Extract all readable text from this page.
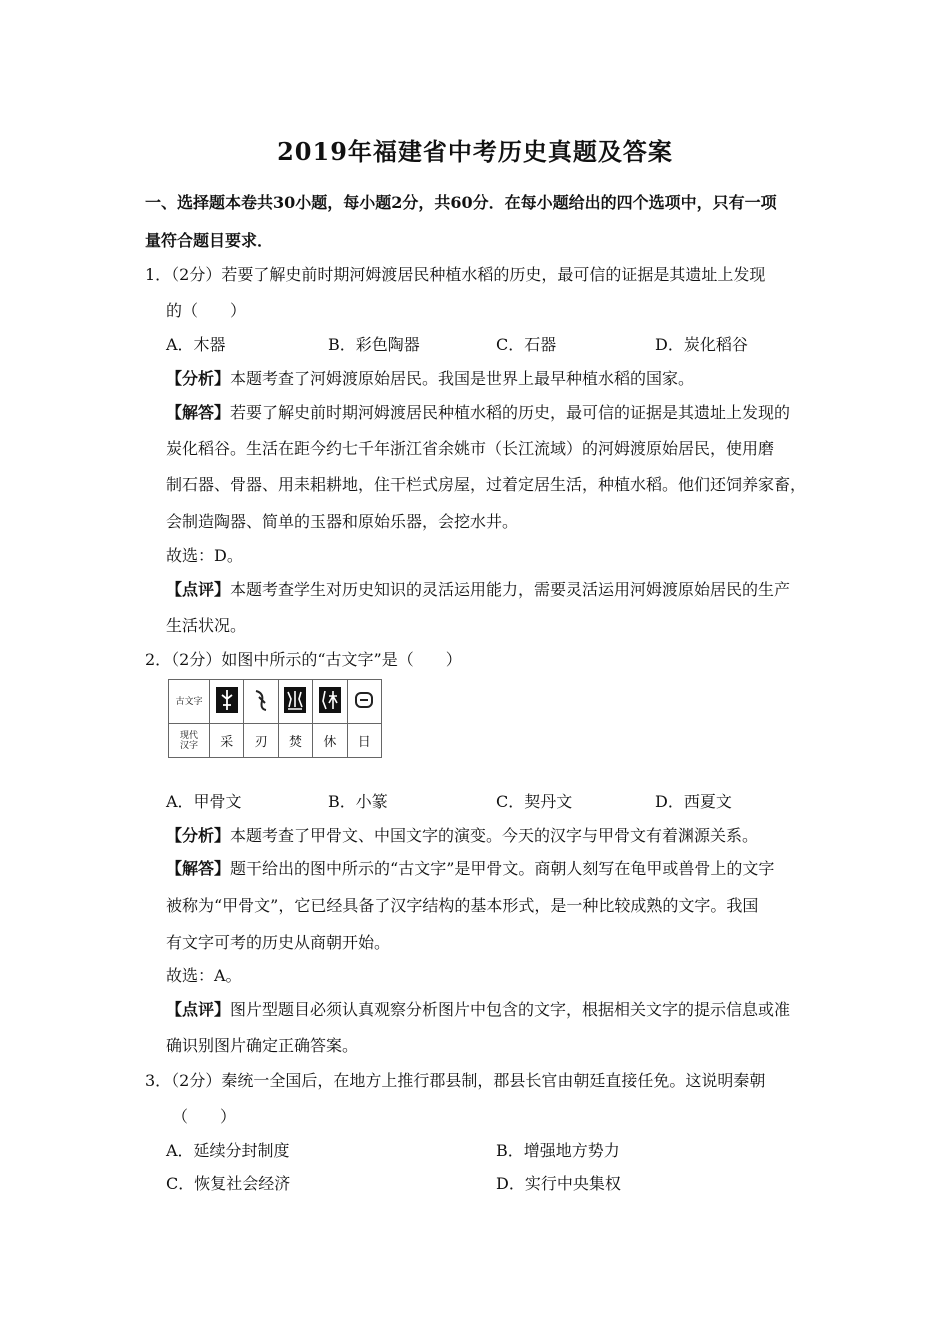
2019年福建省中考历史真题及答案
一、选择题本卷共30小题，每小题2分，共60分．在每小题给出的四个选项中，只有一项
量符合题目要求．
1．（2分）若要了解史前时期河姆渡居民种植水稻的历史，最可信的证据是其遗址上发现
的（　　）
A．木器	B．彩色陶器	C．石器	D．炭化稻谷
【分析】本题考查了河姆渡原始居民。我国是世界上最早种植水稻的国家。
【解答】若要了解史前时期河姆渡居民种植水稻的历史，最可信的证据是其遗址上发现的
炭化稻谷。生活在距今约七千年浙江省余姚市（长江流域）的河姆渡原始居民，使用磨
制石器、骨器、用耒耜耕地，住干栏式房屋，过着定居生活，种植水稻。他们还饲养家畜，
会制造陶器、简单的玉器和原始乐器，会挖水井。
故选：D。
【点评】本题考查学生对历史知识的灵活运用能力，需要灵活运用河姆渡原始居民的生产
生活状况。
2．（2分）如图中所示的“古文字”是（　　）
古文字	

现代
汉字	采	刃	焚	休	日
A．甲骨文	B．小篆	C．契丹文	D．西夏文
【分析】本题考查了甲骨文、中国文字的演变。今天的汉字与甲骨文有着渊源关系。
【解答】题干给出的图中所示的“古文字”是甲骨文。商朝人刻写在龟甲或兽骨上的文字
被称为“甲骨文”，它已经具备了汉字结构的基本形式，是一种比较成熟的文字。我国
有文字可考的历史从商朝开始。
故选：A。
【点评】图片型题目必须认真观察分析图片中包含的文字，根据相关文字的提示信息或准
确识别图片确定正确答案。
3．（2分）秦统一全国后，在地方上推行郡县制，郡县长官由朝廷直接任免。这说明秦朝
（　　）
A．延续分封制度	B．增强地方势力
C．恢复社会经济	D．实行中央集权
